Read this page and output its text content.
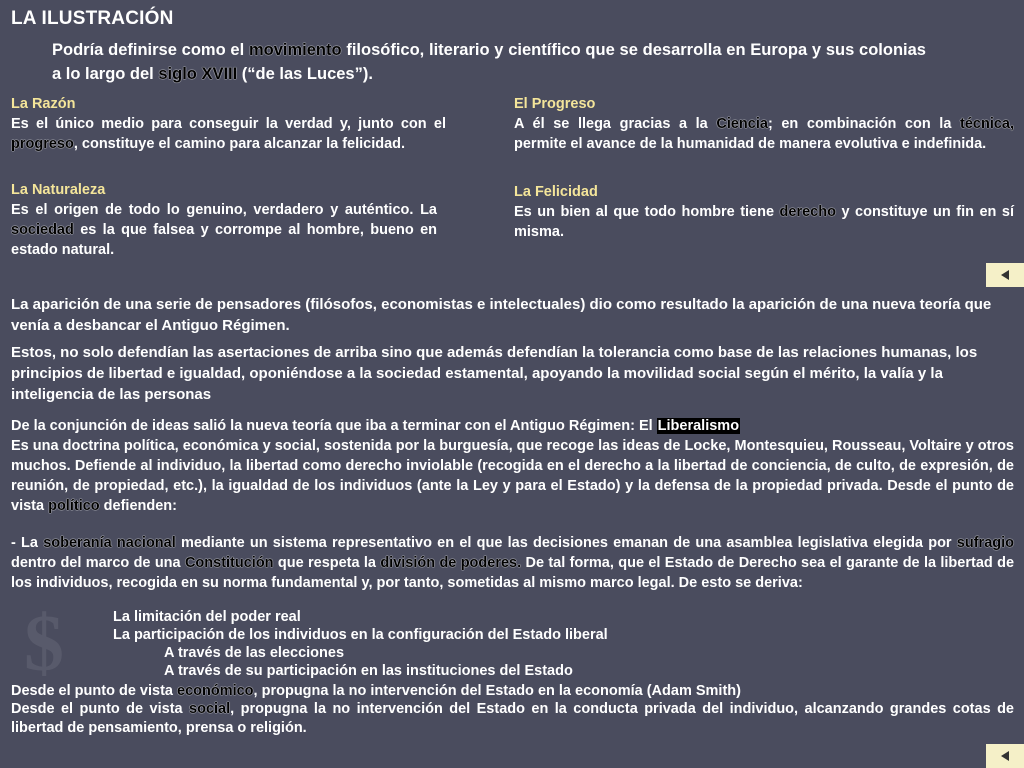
$
LA ILUSTRACIÓN
Podría definirse como el movimiento filosófico, literario y científico que se desarrolla en Europa y sus colonias a lo largo del siglo XVIII (“de las Luces”).
La Razón
Es el único medio para conseguir la verdad y, junto con el progreso, constituye el camino para alcanzar la felicidad.
El Progreso
A él se llega gracias a la Ciencia; en combinación con la técnica, permite el avance de la humanidad de manera evolutiva e indefinida.
La Naturaleza
Es el origen de todo lo genuino, verdadero y auténtico. La sociedad es la que falsea y corrompe al hombre, bueno en estado natural.
La Felicidad
Es un bien al que todo hombre tiene derecho y constituye un fin en sí misma.
La aparición de una serie de pensadores (filósofos, economistas e intelectuales) dio como resultado la aparición de una nueva teoría que venía a desbancar el Antiguo Régimen.
Estos, no solo defendían las asertaciones de arriba sino que además defendían la tolerancia como base de las relaciones humanas, los principios de libertad e igualdad, oponiéndose a la sociedad estamental, apoyando la movilidad social según el mérito, la valía y la inteligencia de las personas
De la conjunción de ideas salió la nueva teoría que iba a terminar con el Antiguo Régimen: El Liberalismo
Es una doctrina política, económica y social, sostenida por la burguesía, que recoge las ideas de Locke, Montesquieu, Rousseau, Voltaire y otros muchos. Defiende al individuo, la libertad como derecho inviolable (recogida en el derecho a la libertad de conciencia, de culto, de expresión, de reunión, de propiedad, etc.), la igualdad de los individuos (ante la Ley y para el Estado) y la defensa de la propiedad privada. Desde el punto de vista político defienden:
- La soberanía nacional mediante un sistema representativo en el que las decisiones emanan de una asamblea legislativa elegida por sufragio dentro del marco de una Constitución que respeta la división de poderes. De tal forma, que el Estado de Derecho sea el garante de la libertad de los individuos, recogida en su norma fundamental y, por tanto, sometidas al mismo marco legal. De esto se deriva:
La limitación del poder real
La participación de los individuos en la configuración del Estado liberal
A través de las elecciones
A través de su participación en las instituciones del Estado
Desde el punto de vista económico, propugna la no intervención del Estado en la economía (Adam Smith)
Desde el punto de vista social, propugna la no intervención del Estado en la conducta privada del individuo, alcanzando grandes cotas de libertad de pensamiento, prensa o religión.
